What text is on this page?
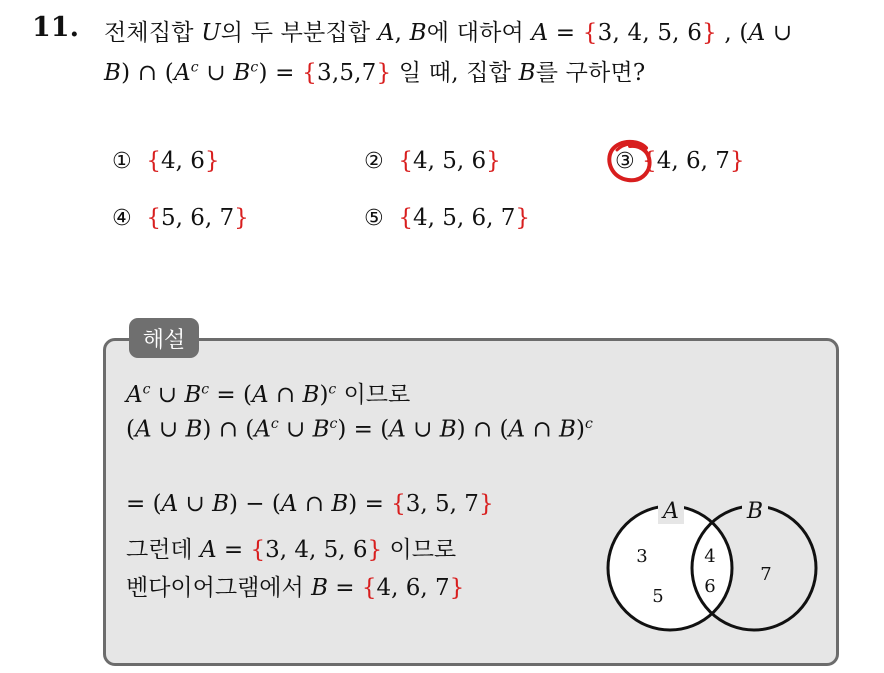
11. 전체집합 U의 두 부분집합 A, B에 대하여 A = {3, 4, 5, 6} , (A ∪
B) ∩ ($A^c$ ∪ $B^c) = \{3,5,7\}$ 일 때, 집합 B를 구하면?
① {4, 6}	② {4, 5, 6}	③ {4, 6, 7}
④ {5, 6, 7}	⑤ {4, 5, 6, 7}
해설
$A^c$ ∪ $B^c = (A$ ∩ B)$^c$ 이므로
(A ∪ B) ∩ ($A^c$ ∪ $B^c) = (A$ ∪ B) ∩ (A ∩ B)$^c$
= (A ∪ B) − (A ∩ B) = {3, 5, 7}
그런데 A = {3, 4, 5, 6} 이므로
벤다이어그램에서 B = {4, 6, 7}
A	B
3
5
4
6
7
